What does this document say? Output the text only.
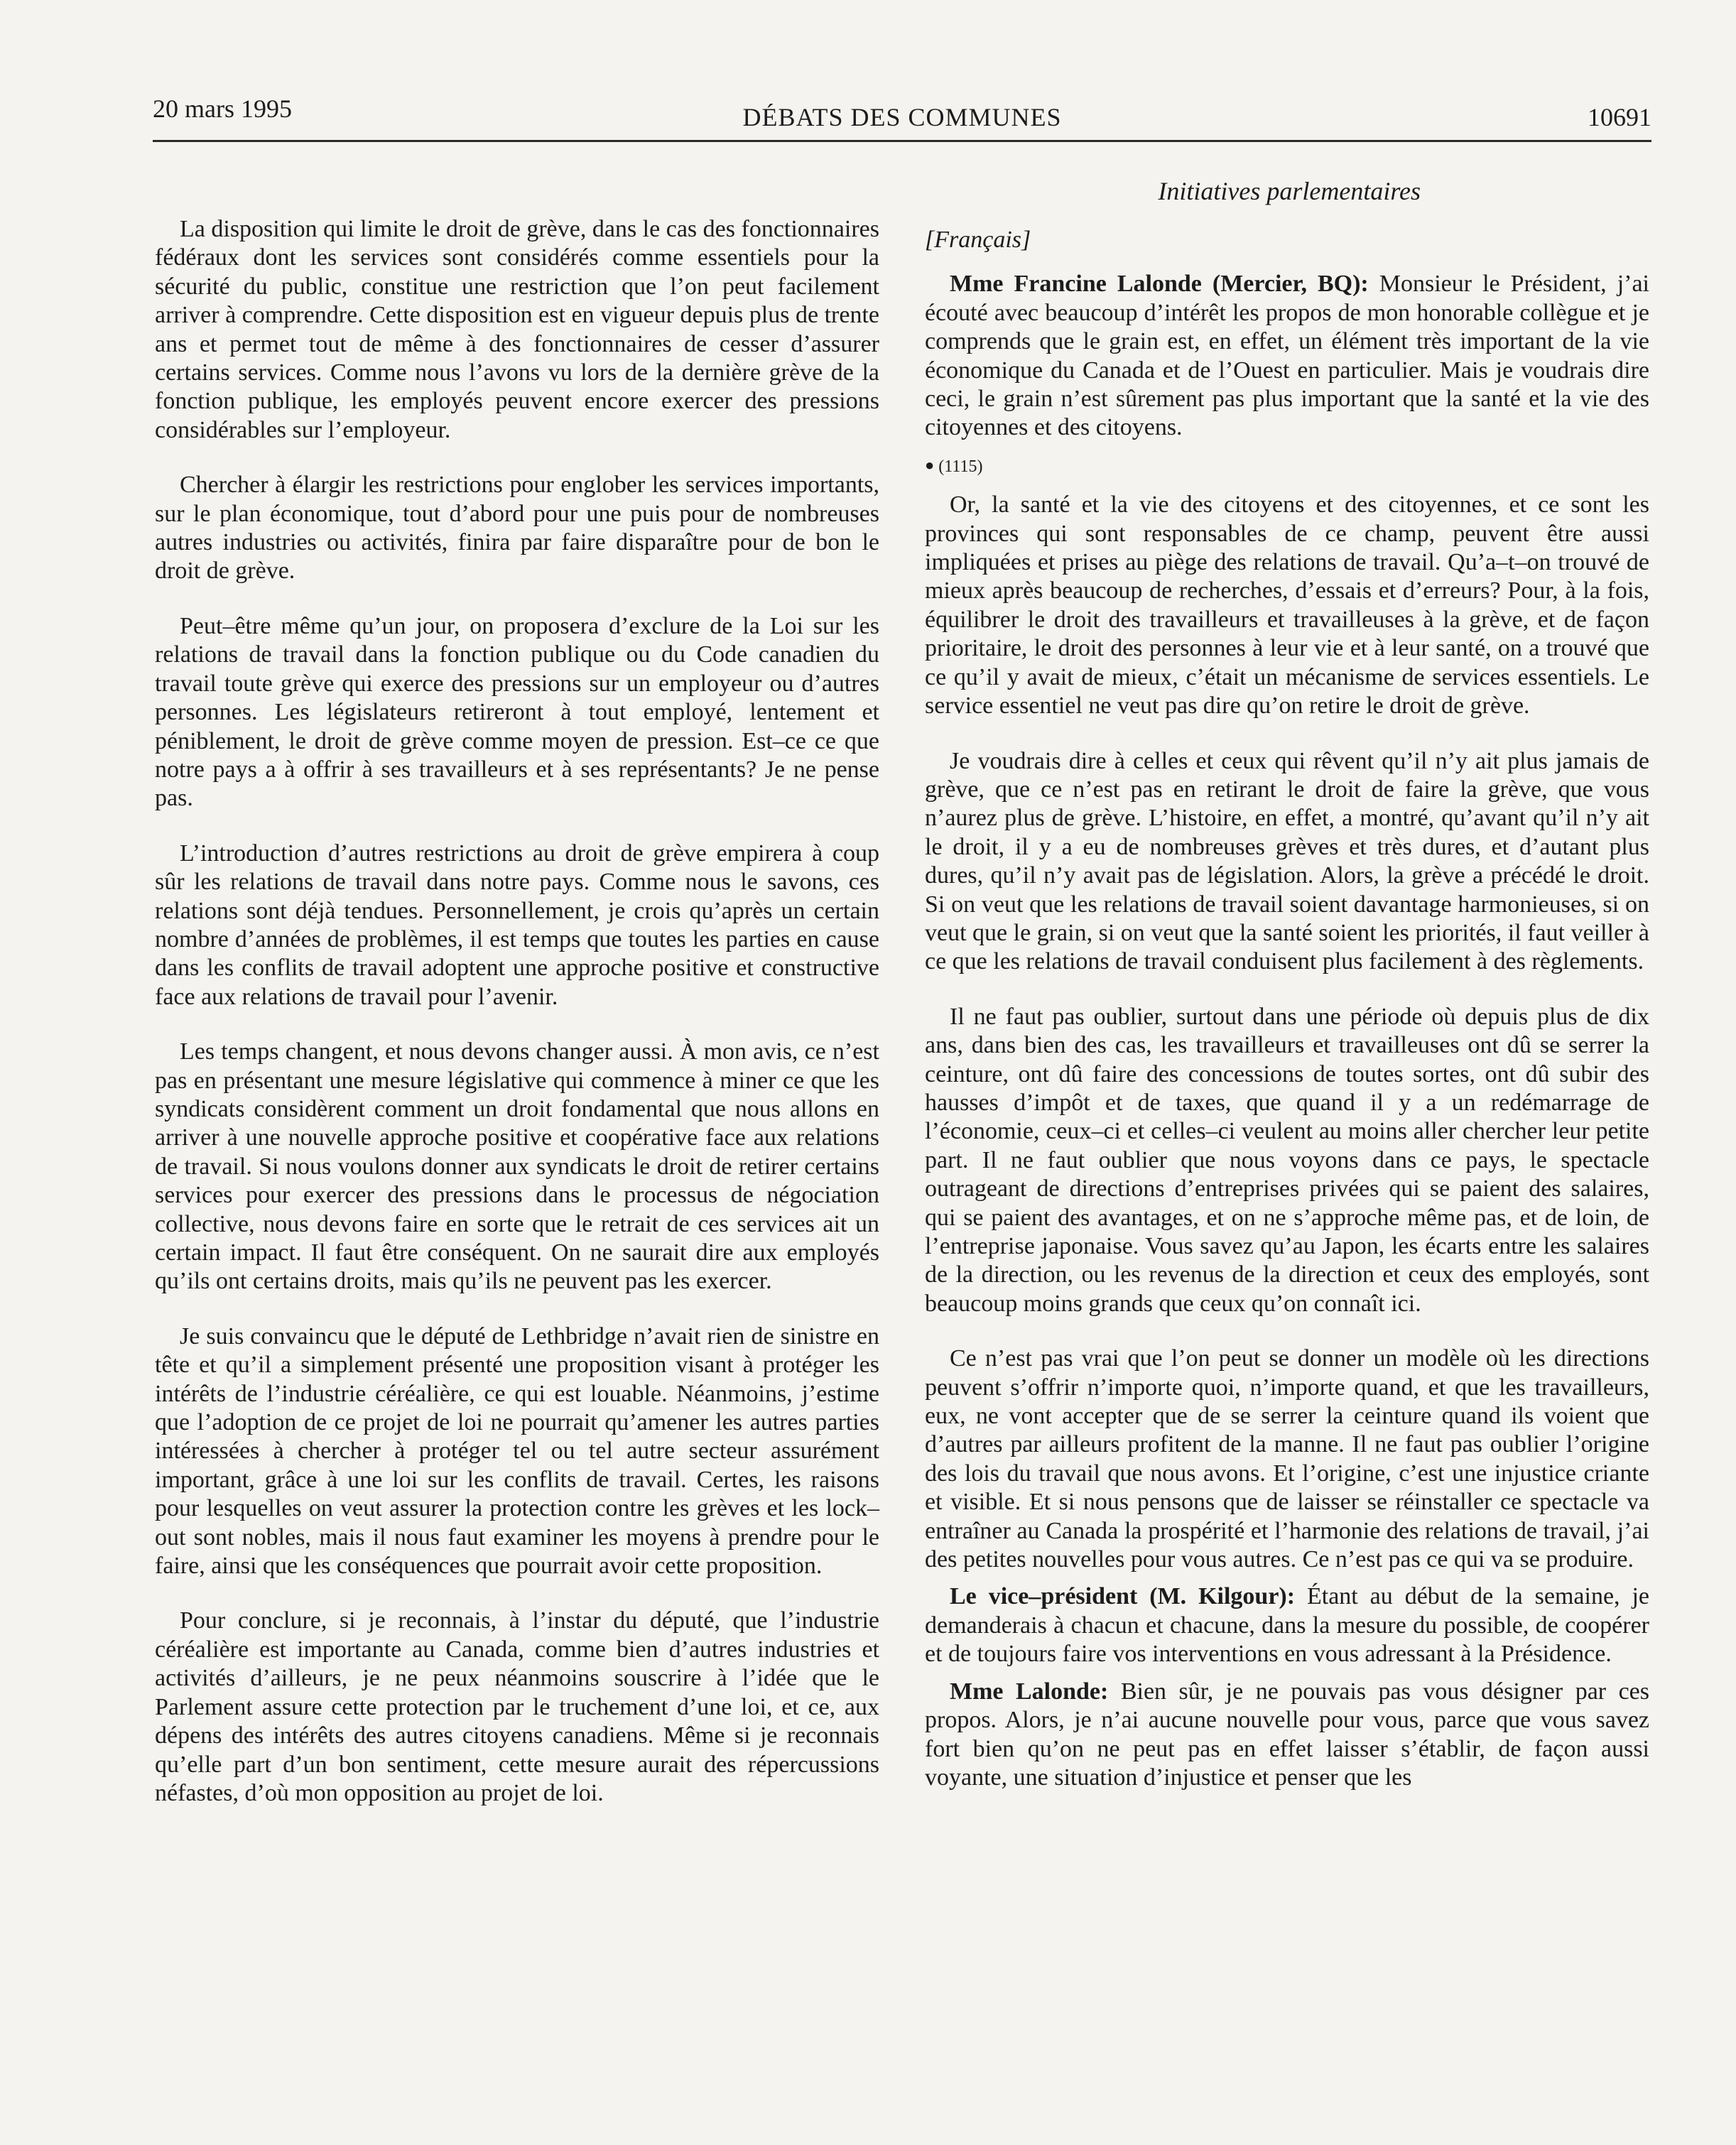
20 mars 1995	DÉBATS DES COMMUNES	10691
Initiatives parlementaires

La disposition qui limite le droit de grève, dans le cas des fonctionnaires fédéraux dont les services sont considérés comme essentiels pour la sécurité du public, constitue une restriction que l’on peut facilement arriver à comprendre. Cette disposition est en vigueur depuis plus de trente ans et permet tout de même à des fonctionnaires de cesser d’assurer certains services. Comme nous l’avons vu lors de la dernière grève de la fonction publique, les employés peuvent encore exercer des pressions considérables sur l’employeur.

Chercher à élargir les restrictions pour englober les services importants, sur le plan économique, tout d’abord pour une puis pour de nombreuses autres industries ou activités, finira par faire disparaître pour de bon le droit de grève.

Peut–être même qu’un jour, on proposera d’exclure de la Loi sur les relations de travail dans la fonction publique ou du Code canadien du travail toute grève qui exerce des pressions sur un employeur ou d’autres personnes. Les législateurs retireront à tout employé, lentement et péniblement, le droit de grève comme moyen de pression. Est–ce ce que notre pays a à offrir à ses travailleurs et à ses représentants? Je ne pense pas.

L’introduction d’autres restrictions au droit de grève empirera à coup sûr les relations de travail dans notre pays. Comme nous le savons, ces relations sont déjà tendues. Personnellement, je crois qu’après un certain nombre d’années de problèmes, il est temps que toutes les parties en cause dans les conflits de travail adoptent une approche positive et constructive face aux relations de travail pour l’avenir.

Les temps changent, et nous devons changer aussi. À mon avis, ce n’est pas en présentant une mesure législative qui commence à miner ce que les syndicats considèrent comment un droit fondamental que nous allons en arriver à une nouvelle approche positive et coopérative face aux relations de travail. Si nous voulons donner aux syndicats le droit de retirer certains services pour exercer des pressions dans le processus de négociation collective, nous devons faire en sorte que le retrait de ces services ait un certain impact. Il faut être conséquent. On ne saurait dire aux employés qu’ils ont certains droits, mais qu’ils ne peuvent pas les exercer.

Je suis convaincu que le député de Lethbridge n’avait rien de sinistre en tête et qu’il a simplement présenté une proposition visant à protéger les intérêts de l’industrie céréalière, ce qui est louable. Néanmoins, j’estime que l’adoption de ce projet de loi ne pourrait qu’amener les autres parties intéressées à chercher à protéger tel ou tel autre secteur assurément important, grâce à une loi sur les conflits de travail. Certes, les raisons pour lesquelles on veut assurer la protection contre les grèves et les lock–out sont nobles, mais il nous faut examiner les moyens à prendre pour le faire, ainsi que les conséquences que pourrait avoir cette proposition.

Pour conclure, si je reconnais, à l’instar du député, que l’industrie céréalière est importante au Canada, comme bien d’autres industries et activités d’ailleurs, je ne peux néanmoins souscrire à l’idée que le Parlement assure cette protection par le truchement d’une loi, et ce, aux dépens des intérêts des autres citoyens canadiens. Même si je reconnais qu’elle part d’un bon sentiment, cette mesure aurait des répercussions néfastes, d’où mon opposition au projet de loi.

[Français]

Mme Francine Lalonde (Mercier, BQ): Monsieur le Président, j’ai écouté avec beaucoup d’intérêt les propos de mon honorable collègue et je comprends que le grain est, en effet, un élément très important de la vie économique du Canada et de l’Ouest en particulier. Mais je voudrais dire ceci, le grain n’est sûrement pas plus important que la santé et la vie des citoyennes et des citoyens.

● (1115)

Or, la santé et la vie des citoyens et des citoyennes, et ce sont les provinces qui sont responsables de ce champ, peuvent être aussi impliquées et prises au piège des relations de travail. Qu’a–t–on trouvé de mieux après beaucoup de recherches, d’essais et d’erreurs? Pour, à la fois, équilibrer le droit des travailleurs et travailleuses à la grève, et de façon prioritaire, le droit des personnes à leur vie et à leur santé, on a trouvé que ce qu’il y avait de mieux, c’était un mécanisme de services essentiels. Le service essentiel ne veut pas dire qu’on retire le droit de grève.

Je voudrais dire à celles et ceux qui rêvent qu’il n’y ait plus jamais de grève, que ce n’est pas en retirant le droit de faire la grève, que vous n’aurez plus de grève. L’histoire, en effet, a montré, qu’avant qu’il n’y ait le droit, il y a eu de nombreuses grèves et très dures, et d’autant plus dures, qu’il n’y avait pas de législation. Alors, la grève a précédé le droit. Si on veut que les relations de travail soient davantage harmonieuses, si on veut que le grain, si on veut que la santé soient les priorités, il faut veiller à ce que les relations de travail conduisent plus facilement à des règlements.

Il ne faut pas oublier, surtout dans une période où depuis plus de dix ans, dans bien des cas, les travailleurs et travailleuses ont dû se serrer la ceinture, ont dû faire des concessions de toutes sortes, ont dû subir des hausses d’impôt et de taxes, que quand il y a un redémarrage de l’économie, ceux–ci et celles–ci veulent au moins aller chercher leur petite part. Il ne faut oublier que nous voyons dans ce pays, le spectacle outrageant de directions d’entreprises privées qui se paient des salaires, qui se paient des avantages, et on ne s’approche même pas, et de loin, de l’entreprise japonaise. Vous savez qu’au Japon, les écarts entre les salaires de la direction, ou les revenus de la direction et ceux des employés, sont beaucoup moins grands que ceux qu’on connaît ici.

Ce n’est pas vrai que l’on peut se donner un modèle où les directions peuvent s’offrir n’importe quoi, n’importe quand, et que les travailleurs, eux, ne vont accepter que de se serrer la ceinture quand ils voient que d’autres par ailleurs profitent de la manne. Il ne faut pas oublier l’origine des lois du travail que nous avons. Et l’origine, c’est une injustice criante et visible. Et si nous pensons que de laisser se réinstaller ce spectacle va entraîner au Canada la prospérité et l’harmonie des relations de travail, j’ai des petites nouvelles pour vous autres. Ce n’est pas ce qui va se produire.

Le vice–président (M. Kilgour): Étant au début de la semaine, je demanderais à chacun et chacune, dans la mesure du possible, de coopérer et de toujours faire vos interventions en vous adressant à la Présidence.

Mme Lalonde: Bien sûr, je ne pouvais pas vous désigner par ces propos. Alors, je n’ai aucune nouvelle pour vous, parce que vous savez fort bien qu’on ne peut pas en effet laisser s’établir, de façon aussi voyante, une situation d’injustice et penser que les
